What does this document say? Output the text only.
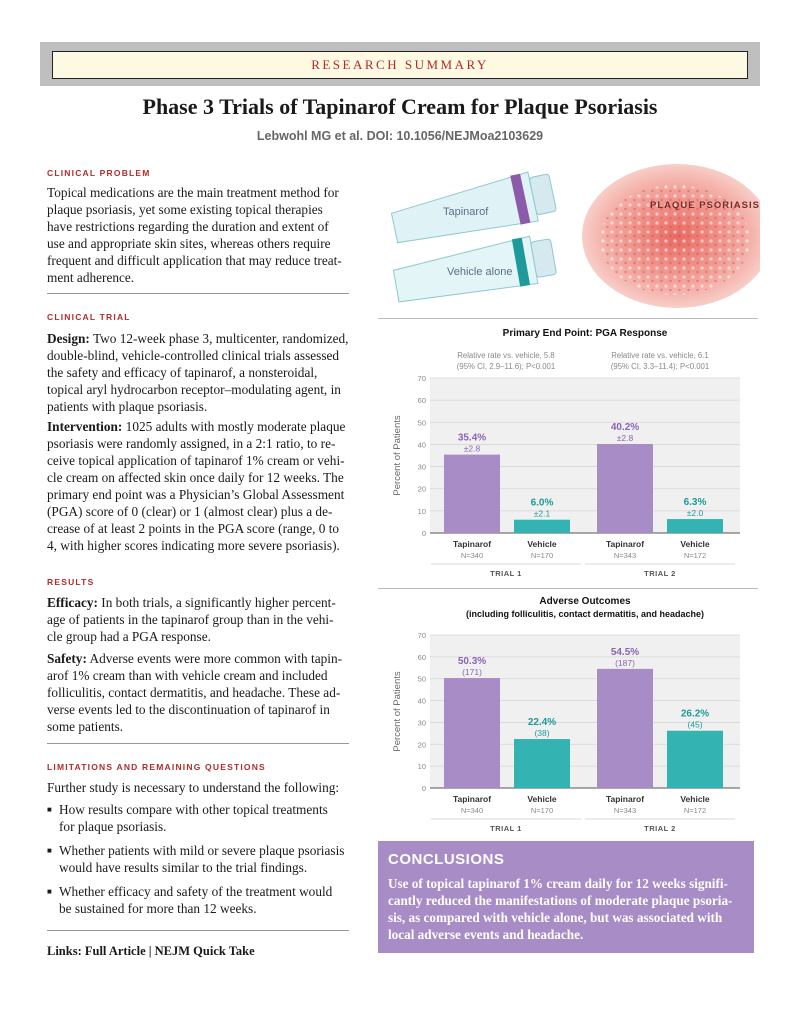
RESEARCH SUMMARY
Phase 3 Trials of Tapinarof Cream for Plaque Psoriasis
Lebwohl MG et al. DOI: 10.1056/NEJMoa2103629
CLINICAL PROBLEM
Topical medications are the main treatment method for
plaque psoriasis, yet some existing topical therapies
have restrictions regarding the duration and extent of
use and appropriate skin sites, whereas others require
frequent and difficult application that may reduce treat-
ment adherence.
PLAQUE PSORIASIS
Tapinarof
Vehicle alone
CLINICAL TRIAL
Design: Two 12-week phase 3, multicenter, randomized,
double-blind, vehicle-controlled clinical trials assessed
the safety and efficacy of tapinarof, a nonsteroidal,
topical aryl hydrocarbon receptor–modulating agent, in
patients with plaque psoriasis.
Intervention: 1025 adults with mostly moderate plaque
psoriasis were randomly assigned, in a 2:1 ratio, to re-
ceive topical application of tapinarof 1% cream or vehi-
cle cream on affected skin once daily for 12 weeks. The
primary end point was a Physician’s Global Assessment
(PGA) score of 0 (clear) or 1 (almost clear) plus a de-
crease of at least 2 points in the PGA score (range, 0 to
4, with higher scores indicating more severe psoriasis).
RESULTS
Efficacy: In both trials, a significantly higher percent-
age of patients in the tapinarof group than in the vehi-
cle group had a PGA response.
Safety: Adverse events were more common with tapin-
arof 1% cream than with vehicle cream and included
folliculitis, contact dermatitis, and headache. These ad-
verse events led to the discontinuation of tapinarof in
some patients.
LIMITATIONS AND REMAINING QUESTIONS
Further study is necessary to understand the following:
■ How results compare with other topical treatments
for plaque psoriasis.
■ Whether patients with mild or severe plaque psoriasis
would have results similar to the trial findings.
■ Whether efficacy and safety of the treatment would
be sustained for more than 12 weeks.
Links: Full Article | NEJM Quick Take
Primary End Point: PGA Response
0
10
20
30
40
50
60
70
Percent of Patients
Relative rate vs. vehicle, 5.8
(95% CI, 2.9–11.6); P<0.001
Relative rate vs. vehicle, 6.1
(95% CI, 3.3–11.4); P<0.001
35.4%
±2.8
Tapinarof
N=340
6.0%
±2.1
Vehicle
N=170
40.2%
±2.8
Tapinarof
N=343
6.3%
±2.0
Vehicle
N=172
TRIAL 1	TRIAL 2
Adverse Outcomes
(including folliculitis, contact dermatitis, and headache)
0
10
20
30
40
50
60
70
Percent of Patients
50.3%
(171)
Tapinarof
N=340
22.4%
(38)
Vehicle
N=170
54.5%
(187)
Tapinarof
N=343
26.2%
(45)
Vehicle
N=172
TRIAL 1	TRIAL 2
CONCLUSIONS

Use of topical tapinarof 1% cream daily for 12 weeks signifi-
cantly reduced the manifestations of moderate plaque psoria-
sis, as compared with vehicle alone, but was associated with
local adverse events and headache.
